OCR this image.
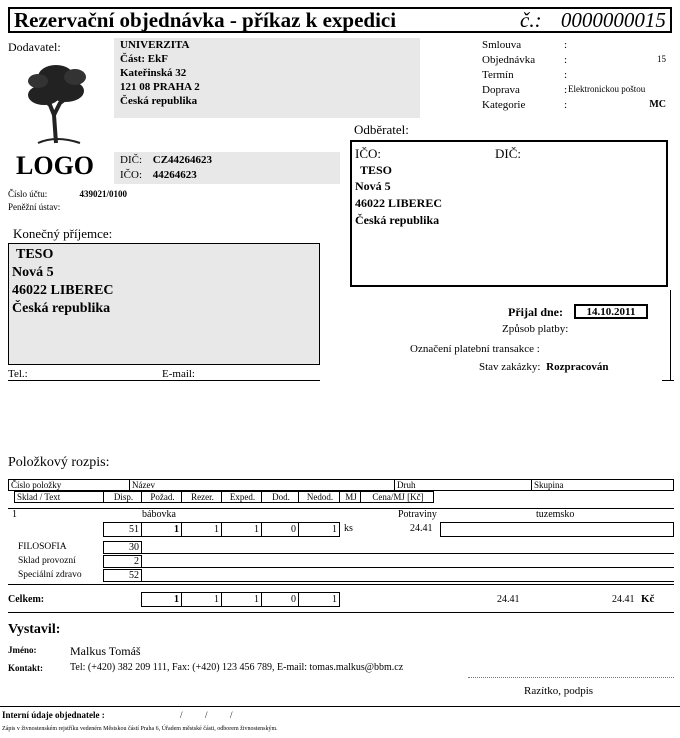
Rezervační objednávka - příkaz k expedici	č.: 0000000015
Dodavatel:	UNIVERZITA
Část: EkF
Kateřinská 32
121 08 PRAHA 2
Česká republika
LOGO DIČ: CZ44264623
IČO: 44264623
Číslo účtu:	439021/0100
Peněžní ústav:
Smlouva	:
Objednávka	:	15
Termín	:
Doprava	: Elektronickou poštou
Kategorie	:	MC
Odběratel:
IČO:	DIČ:
TESO
Nová 5
46022 LIBEREC
Česká republika
Konečný příjemce:
TESO
Nová 5
46022 LIBEREC
Česká republika
Tel.:	E-mail:
Přijal dne:	14.10.2011
Způsob platby:
Označení platební transakce :
Stav zakázky: Rozpracován
Položkový rozpis:
Číslo položky	Název	Druh	Skupina
Sklad / Text	Disp.	Požad.	Rezer.	Exped.	Dod.	Nedod.	MJ	Cena/MJ [Kč]
1	bábovka	Potraviny	tuzemsko
51	1	1	1	0	1 ks	24.41
FILOSOFIA	30
Sklad provozní	2
Speciální zdravo	52
Celkem:	1	1	1	0	1	24.41	24.41 Kč
Vystavil:
Jméno:	Malkus Tomáš
Kontakt:	Tel: (+420) 382 209 111, Fax: (+420) 123 456 789, E-mail: tomas.malkus@bbm.cz
Razítko, podpis
Interní údaje objednatele :	/          /          /
Zápis v živnostenském rejstříku vedeném Městskou částí Praha 6, Úřadem městské části, odborem živnostenským.
